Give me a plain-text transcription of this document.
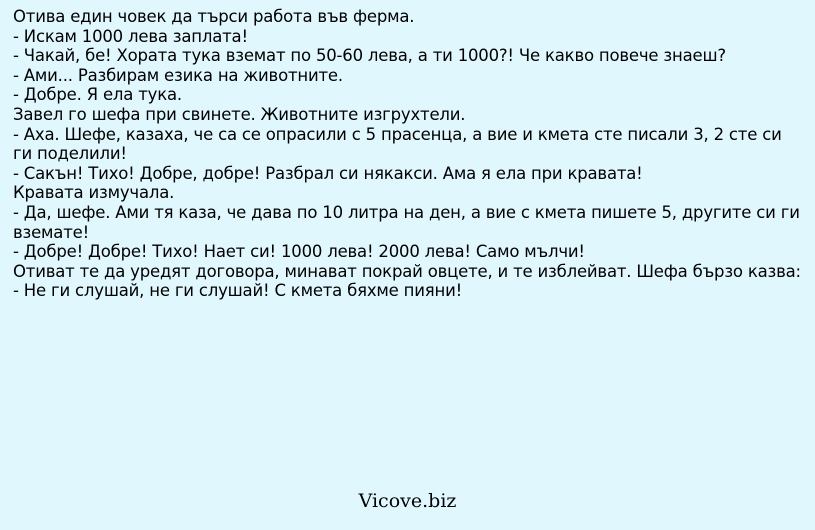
Отива един човек да търси работа във ферма.
- Искам 1000 лева заплата!
- Чакай, бе! Хората тука вземат по 50-60 лева, а ти 1000?! Че какво повече знаеш?
- Ами... Разбирам езика на животните.
- Добре. Я ела тука.
Завел го шефа при свинете. Животните изгрухтели.
- Аха. Шефе, казаха, че са се опрасили с 5 прасенца, а вие и кмета сте писали 3, 2 сте си ги поделили!
- Сакън! Тихо! Добре, добре! Разбрал си някакси. Ама я ела при кравата!
Кравата измучала.
- Да, шефе. Ами тя каза, че дава по 10 литра на ден, а вие с кмета пишете 5, другите си ги вземате!
- Добре! Добре! Тихо! Нает си! 1000 лева! 2000 лева! Само мълчи!
Отиват те да уредят договора, минават покрай овцете, и те изблейват. Шефа бързо казва:
- Не ги слушай, не ги слушай! С кмета бяхме пияни!
Vicove.biz
